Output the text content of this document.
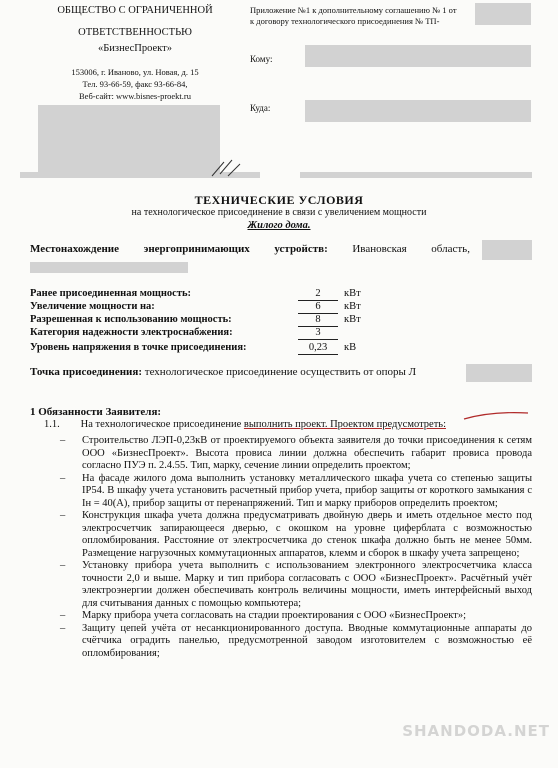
ОБЩЕСТВО С ОГРАНИЧЕННОЙ
ОТВЕТСТВЕННОСТЬЮ
«БизнесПроект»
153006, г. Иваново, ул. Новая, д. 15
Тел. 93-66-59, факс 93-66-84,
Веб-сайт: www.bisnes-proekt.ru
Приложение №1 к дополнительному соглашению № 1 от
к договору технологического присоединения № ТП-
Кому:
Куда:
ТЕХНИЧЕСКИЕ УСЛОВИЯ
на технологическое присоединение в связи с увеличением мощности
Жилого дома.
Местонахождение энергопринимающих устройств: Ивановская область,
Ранее присоединенная мощность:	2	кВт
Увеличение мощности на:	6	кВт
Разрешенная к использованию мощность:	8	кВт
Категория надежности электроснабжения:	3
Уровень напряжения в точке присоединения:	0,23	кВ
Точка присоединения: технологическое присоединение осуществить от опоры Л
1 Обязанности Заявителя:
1.1. На технологическое присоединение выполнить проект. Проектом предусмотреть:
– Строительство ЛЭП-0,23кВ от проектируемого объекта заявителя до точки присоединения к сетям ООО «БизнесПроект». Высота провиса линии должна обеспечить габарит провиса провода согласно ПУЭ п. 2.4.55. Тип, марку, сечение линии определить проектом;
– На фасаде жилого дома выполнить установку металлического шкафа учета со степенью защиты IP54. В шкафу учета установить расчетный прибор учета, прибор защиты от короткого замыкания с Iн = 40(А), прибор защиты от перенапряжений. Тип и марку приборов определить проектом;
– Конструкция шкафа учета должна предусматривать двойную дверь и иметь отдельное место под электросчетчик запирающееся дверью, с окошком на уровне циферблата с возможностью опломбирования. Расстояние от электросчетчика до стенок шкафа должно быть не менее 50мм. Размещение нагрузочных коммутационных аппаратов, клемм и сборок в шкафу учета запрещено;
– Установку прибора учета выполнить с использованием электронного электросчетчика класса точности 2,0 и выше. Марку и тип прибора согласовать с ООО «БизнесПроект». Расчётный учёт электроэнергии должен обеспечивать контроль величины мощности, иметь интерфейсный выход для считывания данных с помощью компьютера;
– Марку прибора учета согласовать на стадии проектирования с ООО «БизнесПроект»;
– Защиту цепей учёта от несанкционированного доступа. Вводные коммутационные аппараты до счётчика оградить панелью, предусмотренной заводом изготовителем с возможностью её опломбирования;
SHANDODA.NET
